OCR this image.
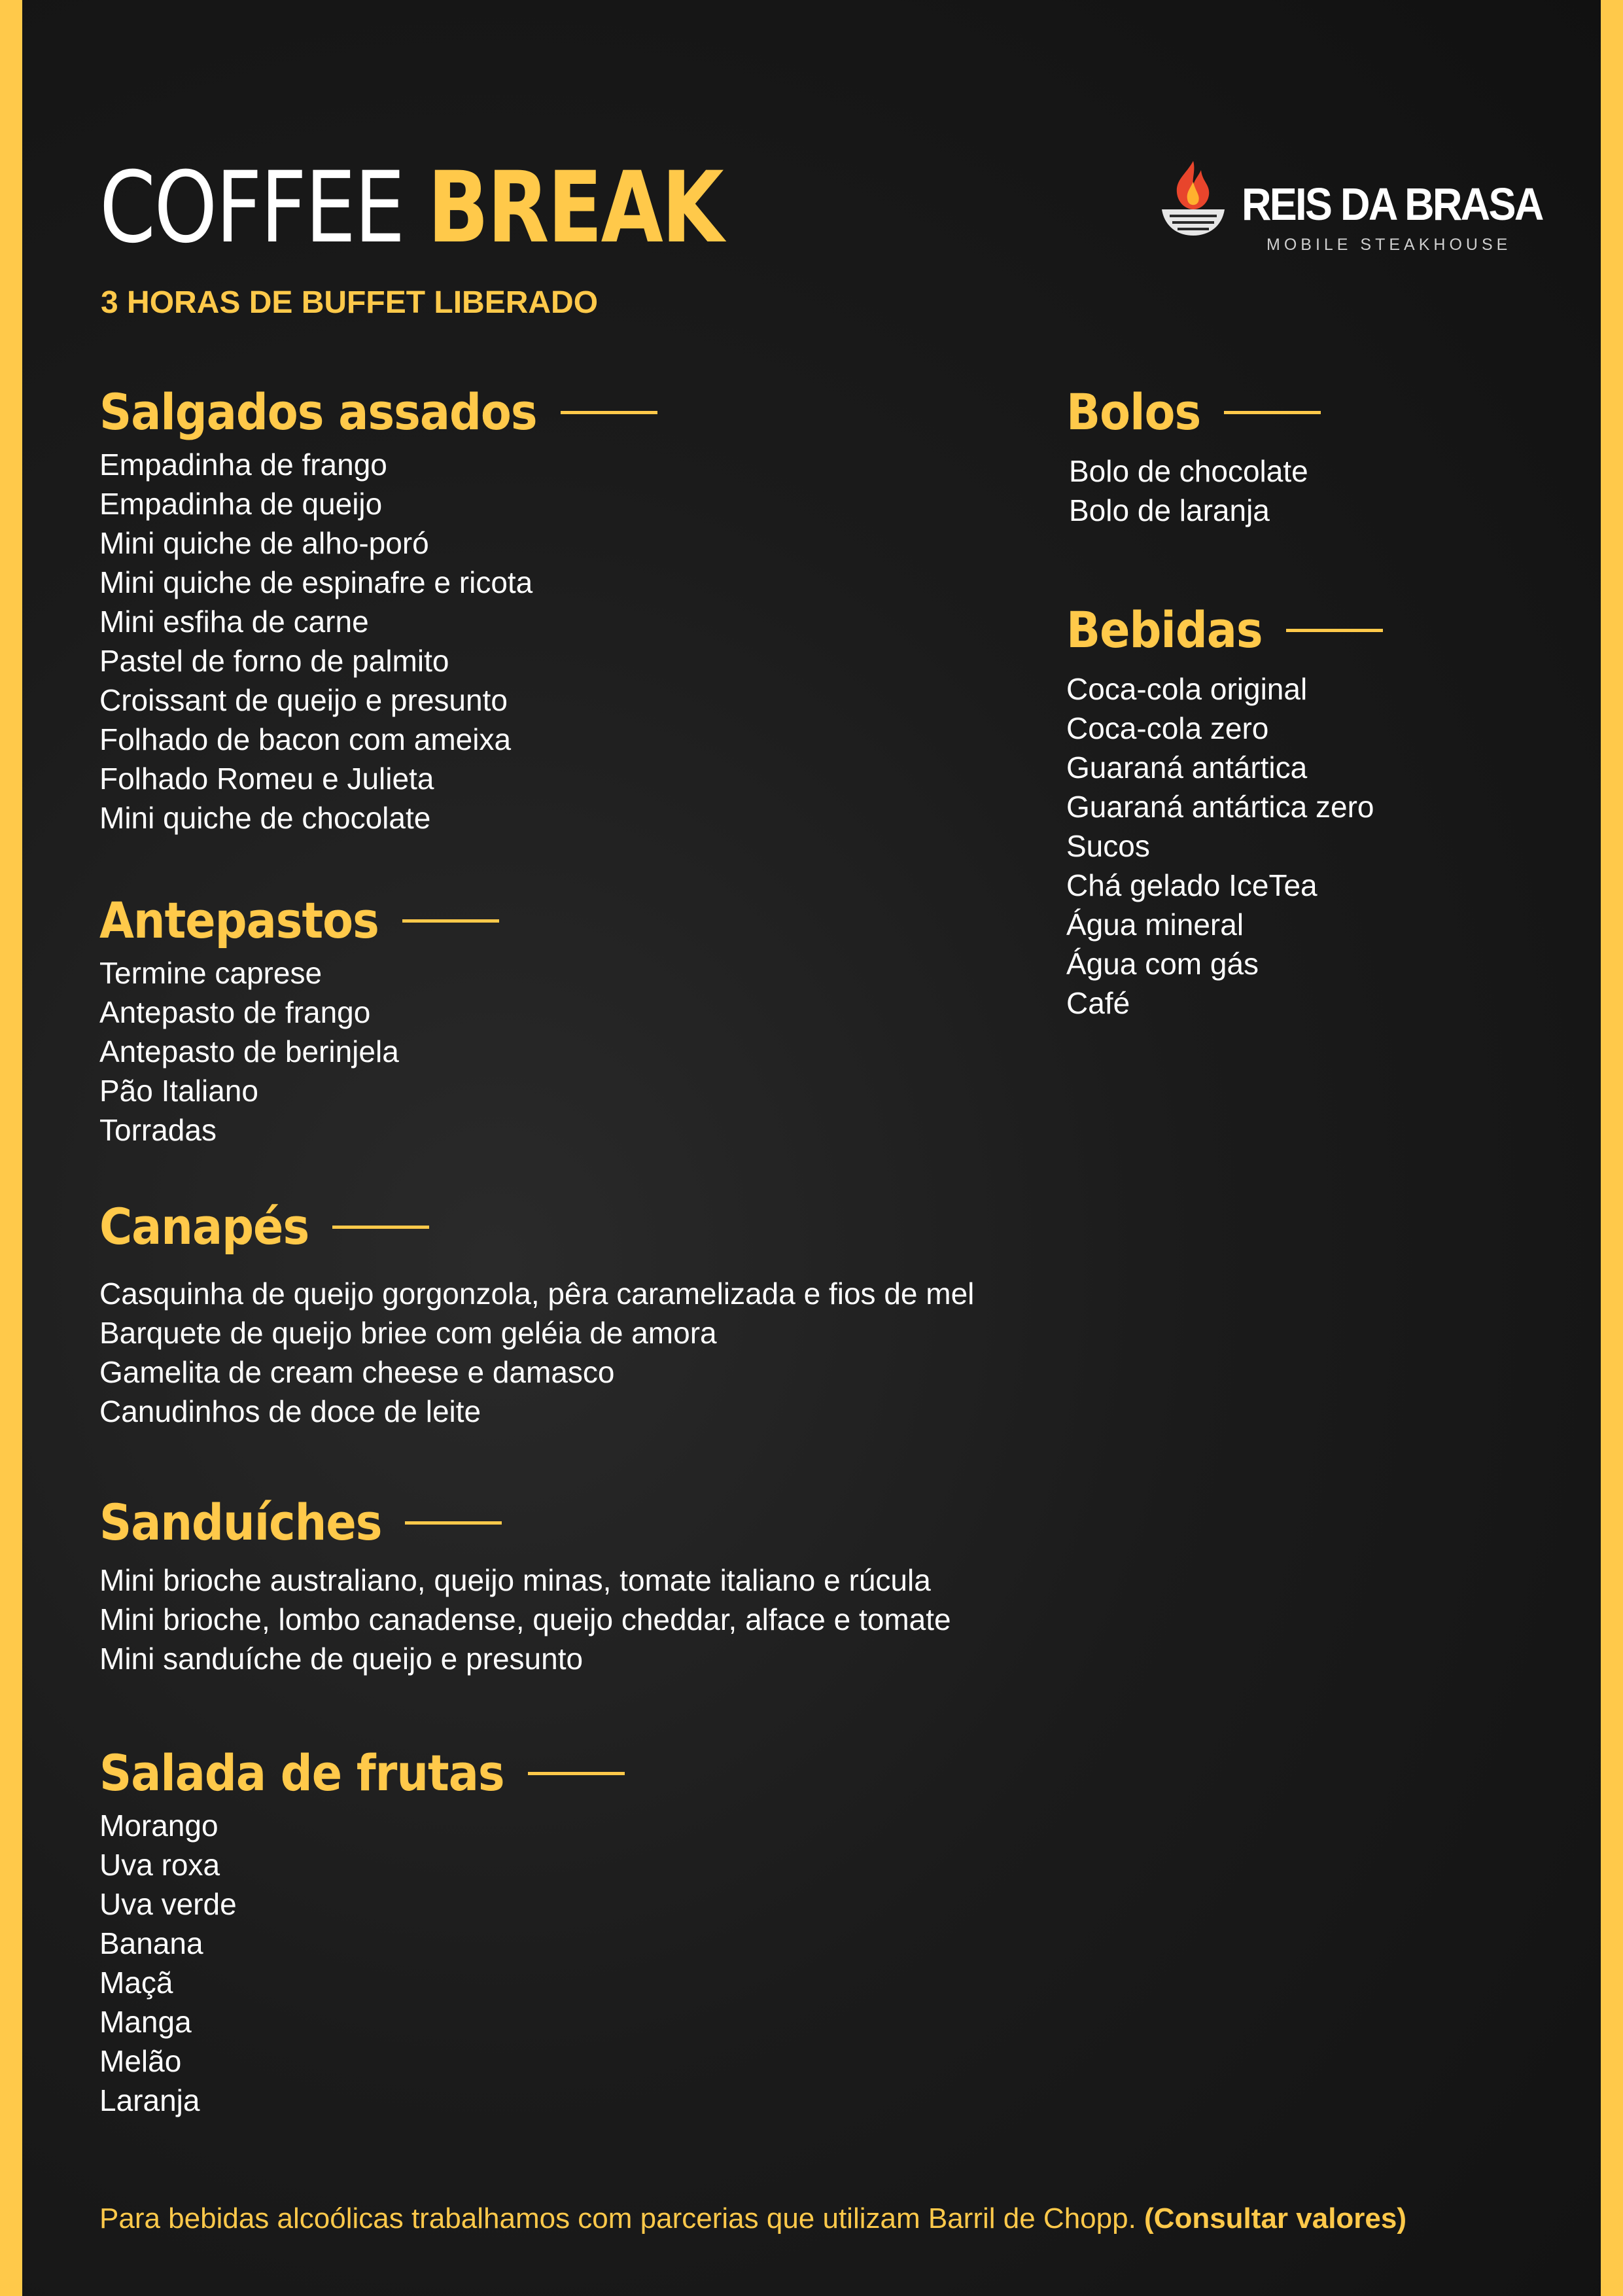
COFFEE BREAK

3 HORAS DE BUFFET LIBERADO

REIS DA BRASA
MOBILE STEAKHOUSE
Salgados assados
Empadinha de frango
Empadinha de queijo
Mini quiche de alho-poró
Mini quiche de espinafre e ricota
Mini esfiha de carne
Pastel de forno de palmito
Croissant de queijo e presunto
Folhado de bacon com ameixa
Folhado Romeu e Julieta
Mini quiche de chocolate
Antepastos
Termine caprese
Antepasto de frango
Antepasto de berinjela
Pão Italiano
Torradas
Canapés
Casquinha de queijo gorgonzola, pêra caramelizada e fios de mel
Barquete de queijo briee com geléia de amora
Gamelita de cream cheese e damasco
Canudinhos de doce de leite
Sanduíches
Mini brioche australiano, queijo minas, tomate italiano e rúcula
Mini brioche, lombo canadense, queijo cheddar, alface e tomate
Mini sanduíche de queijo e presunto
Salada de frutas
Morango
Uva roxa
Uva verde
Banana
Maçã
Manga
Melão
Laranja
Bolos
Bolo de chocolate
Bolo de laranja
Bebidas
Coca-cola original
Coca-cola zero
Guaraná antártica
Guaraná antártica zero
Sucos
Chá gelado IceTea
Água mineral
Água com gás
Café

Para bebidas alcoólicas trabalhamos com parcerias que utilizam Barril de Chopp. (Consultar valores)
